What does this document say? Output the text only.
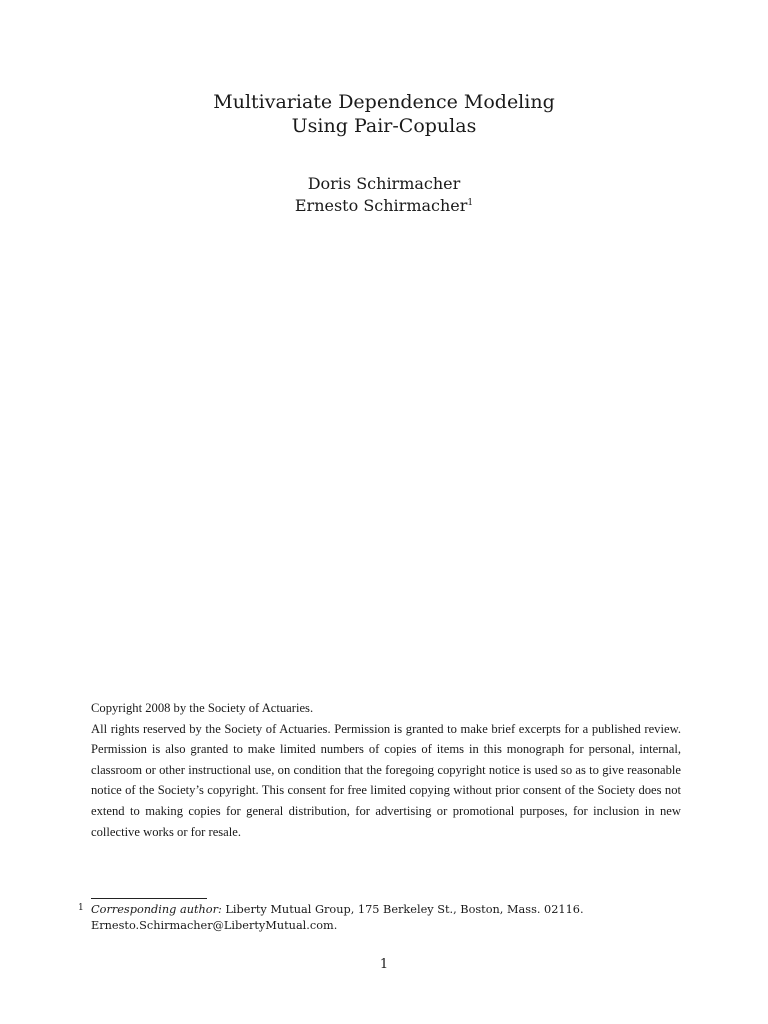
Multivariate Dependence Modeling
Using Pair-Copulas
Doris Schirmacher
Ernesto Schirmacher$^1$

Copyright 2008 by the Society of Actuaries.

All rights reserved by the Society of Actuaries. Permission is granted to make brief excerpts for a published review. Permission is also granted to make limited numbers of copies of items in this monograph for personal, internal, classroom or other instructional use, on condition that the foregoing copyright notice is used so as to give reasonable notice of the Society’s copyright. This consent for free limited copying without prior consent of the Society does not extend to making copies for general distribution, for advertising or promotional purposes, for inclusion in new collective works or for resale.

1 Corresponding author: Liberty Mutual Group, 175 Berkeley St., Boston, Mass. 02116.
Ernesto.Schirmacher@LibertyMutual.com.
1
